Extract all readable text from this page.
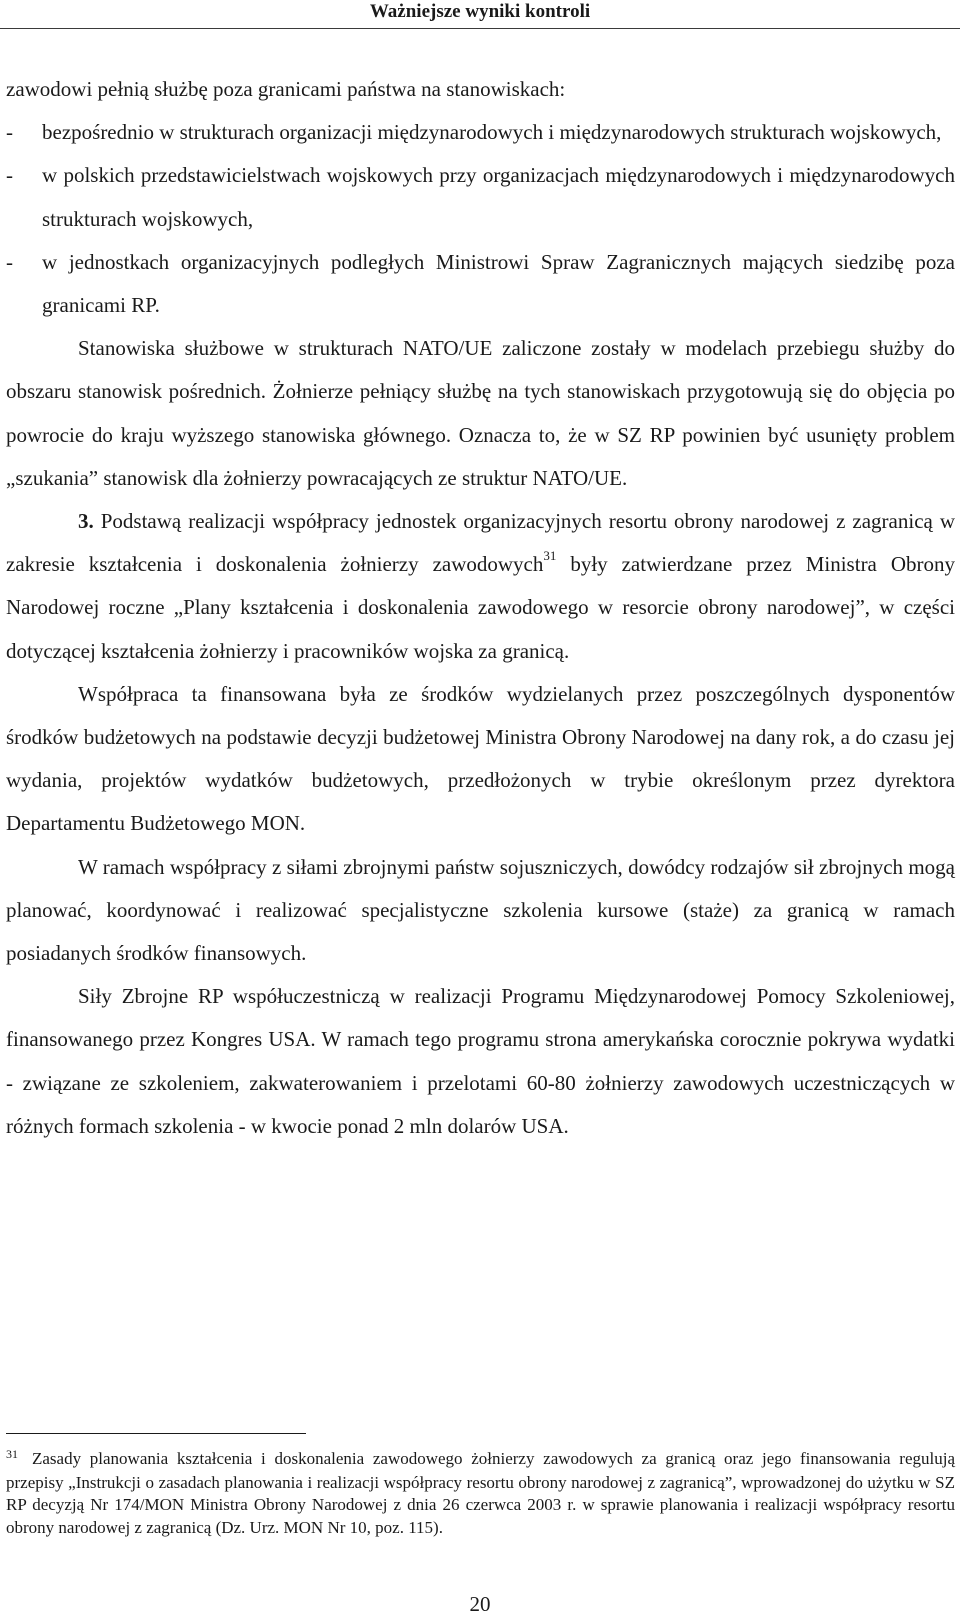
Ważniejsze wyniki kontroli

zawodowi pełnią służbę poza granicami państwa na stanowiskach:

-	bezpośrednio w strukturach organizacji międzynarodowych i międzynarodowych strukturach wojskowych,
-	w polskich przedstawicielstwach wojskowych przy organizacjach międzynarodowych i międzynarodowych strukturach wojskowych,
-	w jednostkach organizacyjnych podległych Ministrowi Spraw Zagranicznych mających siedzibę poza granicami RP.

Stanowiska służbowe w strukturach NATO/UE zaliczone zostały w modelach przebiegu służby do obszaru stanowisk pośrednich. Żołnierze pełniący służbę na tych stanowiskach przygotowują się do objęcia po powrocie do kraju wyższego stanowiska głównego. Oznacza to, że w SZ RP powinien być usunięty problem „szukania” stanowisk dla żołnierzy powracających ze struktur NATO/UE.

3. Podstawą realizacji współpracy jednostek organizacyjnych resortu obrony narodowej z zagranicą w zakresie kształcenia i doskonalenia żołnierzy zawodowych$^{31}$ były zatwierdzane przez Ministra Obrony Narodowej roczne „Plany kształcenia i doskonalenia zawodowego w resorcie obrony narodowej”, w części dotyczącej kształcenia żołnierzy i pracowników wojska za granicą.

Współpraca ta finansowana była ze środków wydzielanych przez poszczególnych dysponentów środków budżetowych na podstawie decyzji budżetowej Ministra Obrony Narodowej na dany rok, a do czasu jej wydania, projektów wydatków budżetowych, przedłożonych w trybie określonym przez dyrektora Departamentu Budżetowego MON.

W ramach współpracy z siłami zbrojnymi państw sojuszniczych, dowódcy rodzajów sił zbrojnych mogą planować, koordynować i realizować specjalistyczne szkolenia kursowe (staże) za granicą w ramach posiadanych środków finansowych.

Siły Zbrojne RP współuczestniczą w realizacji Programu Międzynarodowej Pomocy Szkoleniowej, finansowanego przez Kongres USA. W ramach tego programu strona amerykańska corocznie pokrywa wydatki - związane ze szkoleniem, zakwaterowaniem i przelotami 60-80 żołnierzy zawodowych uczestniczących w różnych formach szkolenia - w kwocie ponad 2 mln dolarów USA.

$^{31}$ Zasady planowania kształcenia i doskonalenia zawodowego żołnierzy zawodowych za granicą oraz jego finansowania regulują przepisy „Instrukcji o zasadach planowania i realizacji współpracy resortu obrony narodowej z zagranicą”, wprowadzonej do użytku w SZ RP decyzją Nr 174/MON Ministra Obrony Narodowej z dnia 26 czerwca 2003 r. w sprawie planowania i realizacji współpracy resortu obrony narodowej z zagranicą (Dz. Urz. MON Nr 10, poz. 115).
20
